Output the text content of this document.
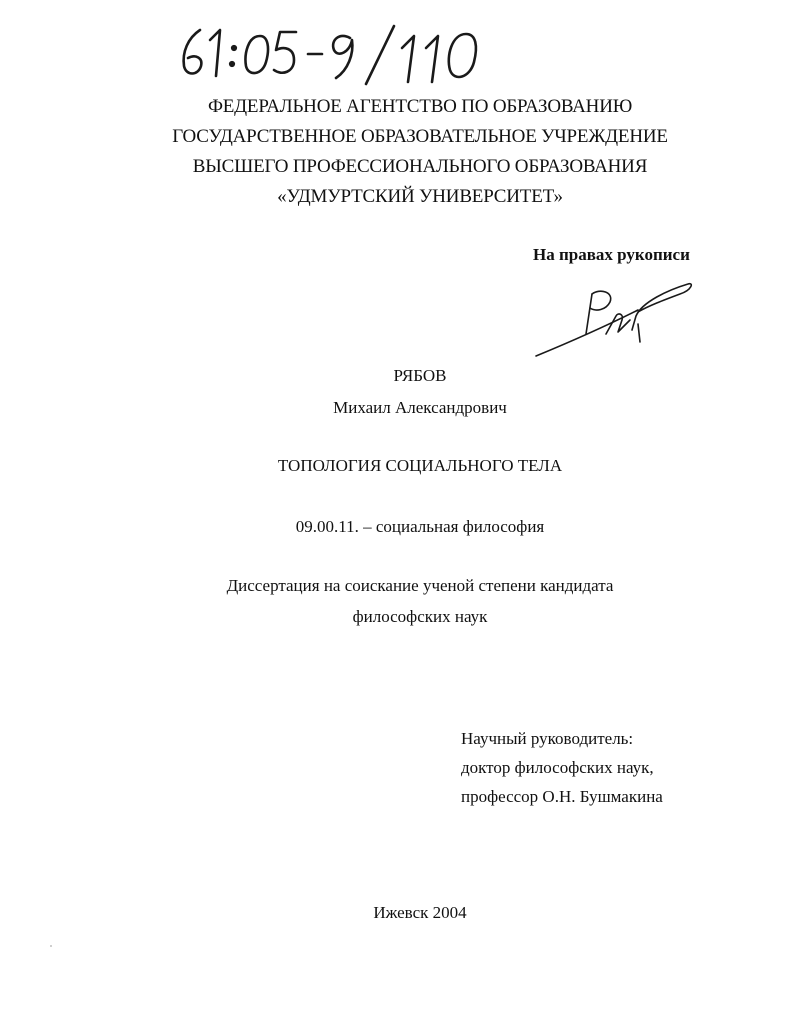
ФЕДЕРАЛЬНОЕ АГЕНТСТВО ПО ОБРАЗОВАНИЮ
ГОСУДАРСТВЕННОЕ ОБРАЗОВАТЕЛЬНОЕ УЧРЕЖДЕНИЕ
ВЫСШЕГО ПРОФЕССИОНАЛЬНОГО ОБРАЗОВАНИЯ
«УДМУРТСКИЙ УНИВЕРСИТЕТ»
На правах рукописи
РЯБОВ
Михаил Александрович
ТОПОЛОГИЯ СОЦИАЛЬНОГО ТЕЛА
09.00.11. – социальная философия
Диссертация на соискание ученой степени кандидата
философских наук
Научный руководитель:
доктор философских наук,
профессор О.Н. Бушмакина
Ижевск 2004
